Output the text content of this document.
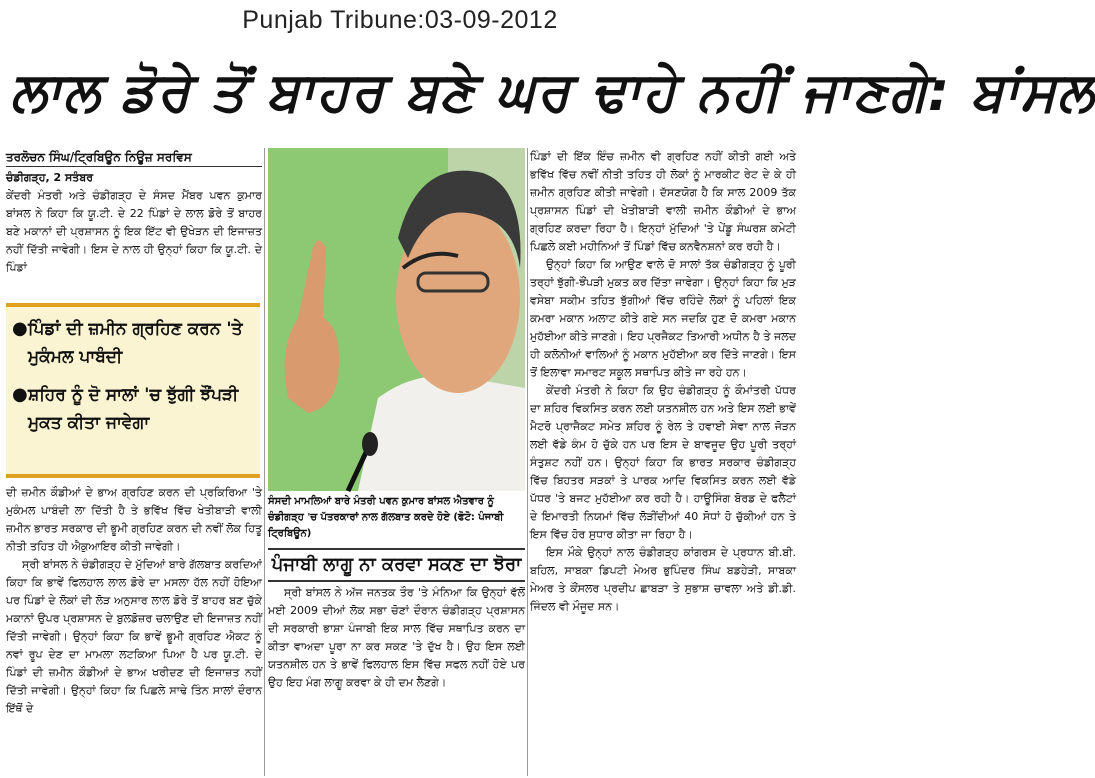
Punjab Tribune:03-09-2012
ਲਾਲ ਡੋਰੇ ਤੋਂ ਬਾਹਰ ਬਣੇ ਘਰ ਢਾਹੇ ਨਹੀਂ ਜਾਣਗੇ: ਬਾਂਸਲ
ਤਰਲੋਚਨ ਸਿੰਘ/ਟ੍ਰਿਬਿਊਨ ਨਿਊਜ਼ ਸਰਵਿਸ
ਚੰਡੀਗੜ੍ਹ, 2 ਸਤੰਬਰ

ਕੇਂਦਰੀ ਮੰਤਰੀ ਅਤੇ ਚੰਡੀਗੜ੍ਹ ਦੇ ਸੰਸਦ ਮੈਂਬਰ ਪਵਨ ਕੁਮਾਰ ਬਾਂਸਲ ਨੇ ਕਿਹਾ ਕਿ ਯੂ.ਟੀ. ਦੇ 22 ਪਿੰਡਾਂ ਦੇ ਲਾਲ ਡੋਰੇ ਤੋਂ ਬਾਹਰ ਬਣੇ ਮਕਾਨਾਂ ਦੀ ਪ੍ਰਸ਼ਾਸਨ ਨੂੰ ਇਕ ਇੱਟ ਵੀ ਉਖੇੜਨ ਦੀ ਇਜਾਜ਼ਤ ਨਹੀਂ ਦਿੱਤੀ ਜਾਵੇਗੀ। ਇਸ ਦੇ ਨਾਲ ਹੀ ਉਨ੍ਹਾਂ ਕਿਹਾ ਕਿ ਯੂ.ਟੀ. ਦੇ ਪਿੰਡਾਂ

● ਪਿੰਡਾਂ ਦੀ ਜ਼ਮੀਨ ਗ੍ਰਹਿਣ ਕਰਨ 'ਤੇ ਮੁਕੰਮਲ ਪਾਬੰਦੀ
● ਸ਼ਹਿਰ ਨੂੰ ਦੋ ਸਾਲਾਂ 'ਚ ਝੁੱਗੀ ਝੌਂਪੜੀ ਮੁਕਤ ਕੀਤਾ ਜਾਵੇਗਾ

ਦੀ ਜ਼ਮੀਨ ਕੌਡੀਆਂ ਦੇ ਭਾਅ ਗ੍ਰਹਿਣ ਕਰਨ ਦੀ ਪ੍ਰਕਿਰਿਆ 'ਤੇ ਮੁਕੰਮਲ ਪਾਬੰਦੀ ਲਾ ਦਿੱਤੀ ਹੈ ਤੇ ਭਵਿੱਖ ਵਿੱਚ ਖੇਤੀਬਾੜੀ ਵਾਲੀ ਜ਼ਮੀਨ ਭਾਰਤ ਸਰਕਾਰ ਦੀ ਭੂਮੀ ਗ੍ਰਹਿਣ ਕਰਨ ਦੀ ਨਵੀਂ ਲੋਕ ਹਿਤੂ ਨੀਤੀ ਤਹਿਤ ਹੀ ਐਕੁਆਇਰ ਕੀਤੀ ਜਾਵੇਗੀ।

ਸ੍ਰੀ ਬਾਂਸਲ ਨੇ ਚੰਡੀਗੜ੍ਹ ਦੇ ਮੁੱਦਿਆਂ ਬਾਰੇ ਗੱਲਬਾਤ ਕਰਦਿਆਂ ਕਿਹਾ ਕਿ ਭਾਵੇਂ ਫਿਲਹਾਲ ਲਾਲ ਡੋਰੇ ਦਾ ਮਸਲਾ ਹੱਲ ਨਹੀਂ ਹੋਇਆ ਪਰ ਪਿੰਡਾਂ ਦੇ ਲੋਕਾਂ ਦੀ ਲੋੜ ਅਨੁਸਾਰ ਲਾਲ ਡੋਰੇ ਤੋਂ ਬਾਹਰ ਬਣ ਚੁੱਕੇ ਮਕਾਨਾਂ ਉਪਰ ਪ੍ਰਸ਼ਾਸਨ ਦੇ ਬੁਲਡੋਜ਼ਰ ਚਲਾਉਣ ਦੀ ਇਜਾਜ਼ਤ ਨਹੀਂ ਦਿੱਤੀ ਜਾਵੇਗੀ। ਉਨ੍ਹਾਂ ਕਿਹਾ ਕਿ ਭਾਵੇਂ ਭੂਮੀ ਗ੍ਰਹਿਣ ਐਕਟ ਨੂੰ ਨਵਾਂ ਰੂਪ ਦੇਣ ਦਾ ਮਾਮਲਾ ਲਟਕਿਆ ਪਿਆ ਹੈ ਪਰ ਯੂ.ਟੀ. ਦੇ ਪਿੰਡਾਂ ਦੀ ਜ਼ਮੀਨ ਕੌਡੀਆਂ ਦੇ ਭਾਅ ਖਰੀਦਣ ਦੀ ਇਜਾਜ਼ਤ ਨਹੀਂ ਦਿੱਤੀ ਜਾਵੇਗੀ। ਉਨ੍ਹਾਂ ਕਿਹਾ ਕਿ ਪਿਛਲੇ ਸਾਢੇ ਤਿੰਨ ਸਾਲਾਂ ਦੌਰਾਨ ਇੱਥੋਂ ਦੇ

ਸੰਸਦੀ ਮਾਮਲਿਆਂ ਬਾਰੇ ਮੰਤਰੀ ਪਵਨ ਕੁਮਾਰ ਬਾਂਸਲ ਐਤਵਾਰ ਨੂੰ ਚੰਡੀਗੜ੍ਹ 'ਚ ਪੱਤਰਕਾਰਾਂ ਨਾਲ ਗੱਲਬਾਤ ਕਰਦੇ ਹੋਏ (ਫੋਟੋ: ਪੰਜਾਬੀ ਟ੍ਰਿਬਿਊਨ)
ਪੰਜਾਬੀ ਲਾਗੂ ਨਾ ਕਰਵਾ ਸਕਣ ਦਾ ਝੋਰਾ

ਸ੍ਰੀ ਬਾਂਸਲ ਨੇ ਅੱਜ ਜਨਤਕ ਤੌਰ 'ਤੇ ਮੰਨਿਆ ਕਿ ਉਨ੍ਹਾਂ ਵੱਲੋਂ ਮਈ 2009 ਦੀਆਂ ਲੋਕ ਸਭਾ ਚੋਣਾਂ ਦੌਰਾਨ ਚੰਡੀਗੜ੍ਹ ਪ੍ਰਸ਼ਾਸਨ ਦੀ ਸਰਕਾਰੀ ਭਾਸ਼ਾ ਪੰਜਾਬੀ ਇਕ ਸਾਲ ਵਿੱਚ ਸਥਾਪਿਤ ਕਰਨ ਦਾ ਕੀਤਾ ਵਾਅਦਾ ਪੂਰਾ ਨਾ ਕਰ ਸਕਣ 'ਤੇ ਦੁੱਖ ਹੈ। ਉਹ ਇਸ ਲਈ ਯਤਨਸ਼ੀਲ ਹਨ ਤੇ ਭਾਵੇਂ ਫਿਲਹਾਲ ਇਸ ਵਿੱਚ ਸਫਲ ਨਹੀਂ ਹੋਏ ਪਰ ਉਹ ਇਹ ਮੰਗ ਲਾਗੂ ਕਰਵਾ ਕੇ ਹੀ ਦਮ ਲੈਣਗੇ।

ਪਿੰਡਾਂ ਦੀ ਇੱਕ ਇੰਚ ਜ਼ਮੀਨ ਵੀ ਗ੍ਰਹਿਣ ਨਹੀਂ ਕੀਤੀ ਗਈ ਅਤੇ ਭਵਿੱਖ ਵਿੱਚ ਨਵੀਂ ਨੀਤੀ ਤਹਿਤ ਹੀ ਲੋਕਾਂ ਨੂੰ ਮਾਰਕੀਟ ਰੇਟ ਦੇ ਕੇ ਹੀ ਜ਼ਮੀਨ ਗ੍ਰਹਿਣ ਕੀਤੀ ਜਾਵੇਗੀ। ਦੱਸਣਯੋਗ ਹੈ ਕਿ ਸਾਲ 2009 ਤੱਕ ਪ੍ਰਸ਼ਾਸਨ ਪਿੰਡਾਂ ਦੀ ਖੇਤੀਬਾੜੀ ਵਾਲੀ ਜ਼ਮੀਨ ਕੌਡੀਆਂ ਦੇ ਭਾਅ ਗ੍ਰਹਿਣ ਕਰਦਾ ਰਿਹਾ ਹੈ। ਇਨ੍ਹਾਂ ਮੁੱਦਿਆਂ 'ਤੇ ਪੇਂਡੂ ਸੰਘਰਸ਼ ਕਮੇਟੀ ਪਿਛਲੇ ਕਈ ਮਹੀਨਿਆਂ ਤੋਂ ਪਿੰਡਾਂ ਵਿੱਚ ਕਨਵੈਨਸ਼ਨਾਂ ਕਰ ਰਹੀ ਹੈ।

ਉਨ੍ਹਾਂ ਕਿਹਾ ਕਿ ਆਉਣ ਵਾਲੇ ਦੋ ਸਾਲਾਂ ਤੱਕ ਚੰਡੀਗੜ੍ਹ ਨੂੰ ਪੂਰੀ ਤਰ੍ਹਾਂ ਝੁੱਗੀ-ਝੌਂਪੜੀ ਮੁਕਤ ਕਰ ਦਿੱਤਾ ਜਾਵੇਗਾ। ਉਨ੍ਹਾਂ ਕਿਹਾ ਕਿ ਮੁੜ ਵਸੇਬਾ ਸਕੀਮ ਤਹਿਤ ਝੁੱਗੀਆਂ ਵਿੱਚ ਰਹਿੰਦੇ ਲੋਕਾਂ ਨੂੰ ਪਹਿਲਾਂ ਇਕ ਕਮਰਾ ਮਕਾਨ ਅਲਾਟ ਕੀਤੇ ਗਏ ਸਨ ਜਦਕਿ ਹੁਣ ਦੋ ਕਮਰਾ ਮਕਾਨ ਮੁਹੱਈਆ ਕੀਤੇ ਜਾਣਗੇ। ਇਹ ਪ੍ਰਜੈਕਟ ਤਿਆਰੀ ਅਧੀਨ ਹੈ ਤੇ ਜਲਦ ਹੀ ਕਲੋਨੀਆਂ ਵਾਲਿਆਂ ਨੂੰ ਮਕਾਨ ਮੁਹੱਈਆ ਕਰ ਦਿੱਤੇ ਜਾਣਗੇ। ਇਸ ਤੋਂ ਇਲਾਵਾ ਸਮਾਰਟ ਸਕੂਲ ਸਥਾਪਿਤ ਕੀਤੇ ਜਾ ਰਹੇ ਹਨ।

ਕੇਂਦਰੀ ਮੰਤਰੀ ਨੇ ਕਿਹਾ ਕਿ ਉਹ ਚੰਡੀਗੜ੍ਹ ਨੂੰ ਕੌਮਾਂਤਰੀ ਪੱਧਰ ਦਾ ਸ਼ਹਿਰ ਵਿਕਸਿਤ ਕਰਨ ਲਈ ਯਤਨਸ਼ੀਲ ਹਨ ਅਤੇ ਇਸ ਲਈ ਭਾਵੇਂ ਮੈਟਰੋ ਪ੍ਰਾਜੈਕਟ ਸਮੇਤ ਸ਼ਹਿਰ ਨੂੰ ਰੇਲ ਤੇ ਹਵਾਈ ਸੇਵਾ ਨਾਲ ਜੋੜਨ ਲਈ ਵੱਡੇ ਕੰਮ ਹੋ ਚੁੱਕੇ ਹਨ ਪਰ ਇਸ ਦੇ ਬਾਵਜੂਦ ਉਹ ਪੂਰੀ ਤਰ੍ਹਾਂ ਸੰਤੁਸ਼ਟ ਨਹੀਂ ਹਨ। ਉਨ੍ਹਾਂ ਕਿਹਾ ਕਿ ਭਾਰਤ ਸਰਕਾਰ ਚੰਡੀਗੜ੍ਹ ਵਿੱਚ ਬਿਹਤਰ ਸੜਕਾਂ ਤੇ ਪਾਰਕ ਆਦਿ ਵਿਕਸਿਤ ਕਰਨ ਲਈ ਵੱਡੇ ਪੱਧਰ 'ਤੇ ਬਜਟ ਮੁਹੱਈਆ ਕਰ ਰਹੀ ਹੈ। ਹਾਊਸਿੰਗ ਬੋਰਡ ਦੇ ਫਲੈਟਾਂ ਦੇ ਇਮਾਰਤੀ ਨਿਯਮਾਂ ਵਿੱਚ ਲੋੜੀਂਦੀਆਂ 40 ਸੋਧਾਂ ਹੋ ਚੁੱਕੀਆਂ ਹਨ ਤੇ ਇਸ ਵਿੱਚ ਹੋਰ ਸੁਧਾਰ ਕੀਤਾ ਜਾ ਰਿਹਾ ਹੈ।

ਇਸ ਮੌਕੇ ਉਨ੍ਹਾਂ ਨਾਲ ਚੰਡੀਗੜ੍ਹ ਕਾਂਗਰਸ ਦੇ ਪ੍ਰਧਾਨ ਬੀ.ਬੀ. ਬਹਿਲ, ਸਾਬਕਾ ਡਿਪਟੀ ਮੇਅਰ ਭੁਪਿੰਦਰ ਸਿੰਘ ਬਡਹੇੜੀ, ਸਾਬਕਾ ਮੇਅਰ ਤੇ ਕੌਂਸਲਰ ਪ੍ਰਦੀਪ ਛਾਬੜਾ ਤੇ ਸੁਭਾਸ਼ ਚਾਵਲਾ ਅਤੇ ਡੀ.ਡੀ. ਜਿੰਦਲ ਵੀ ਮੌਜੂਦ ਸਨ।
